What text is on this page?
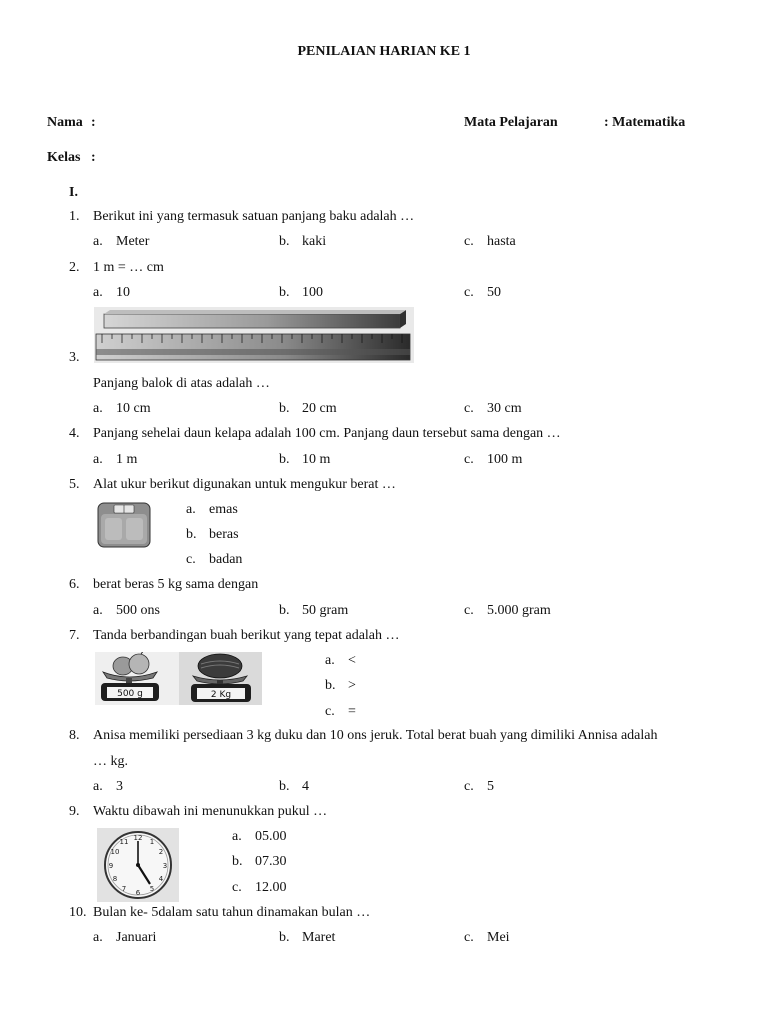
PENILAIAN HARIAN KE 1
Nama :	Mata Pelajaran	: Matematika
Kelas :
I.
1. Berikut ini yang termasuk satuan panjang baku adalah …
a. Meter	b. kaki	c. hasta
2. 1 m = … cm
a. 10	b. 100	c. 50
3.
Panjang balok di atas adalah …
a. 10 cm	b. 20 cm	c. 30 cm
4. Panjang sehelai daun kelapa adalah 100 cm. Panjang daun tersebut sama dengan …
a. 1 m	b. 10 m	c. 100 m
5. Alat ukur berikut digunakan untuk mengukur berat …
a. emas
b. beras
c. badan
6. berat beras 5 kg sama dengan
a. 500 ons	b. 50 gram	c. 5.000 gram
7. Tanda berbandingan buah berikut yang tepat adalah …
500 g	2 Kg
a. <
b. >
c. =
8. Anisa memiliki persediaan 3 kg duku dan 10 ons jeruk. Total berat buah yang dimiliki Annisa adalah
… kg.
a. 3	b. 4	c. 5
9. Waktu dibawah ini menunukkan pukul …
12 1
2
3
4
5
6
7
8
9
10
11	a. 05.00
b. 07.30
c. 12.00
10. Bulan ke- 5dalam satu tahun dinamakan bulan …
a. Januari	b. Maret	c. Mei
